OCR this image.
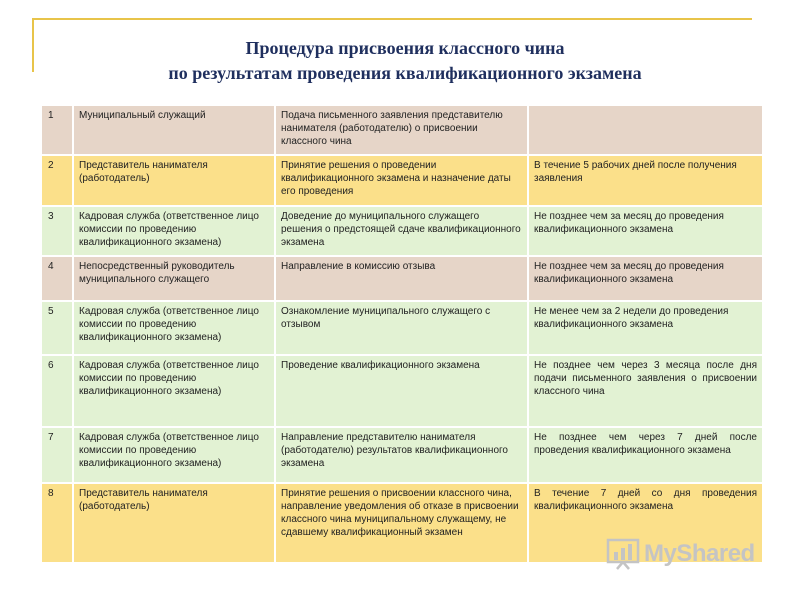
Процедура присвоения классного чина
по результатам проведения квалификационного экзамена
1	Муниципальный служащий	Подача письменного заявления представителю нанимателя (работодателю) о присвоении классного чина	
2	Представитель нанимателя (работодатель)	Принятие решения о проведении квалификационного экзамена и назначение даты его проведения	В течение 5 рабочих дней после получения заявления
3	Кадровая служба (ответственное лицо комиссии по проведению квалификационного экзамена)	Доведение до муниципального служащего решения о предстоящей сдаче квалификационного экзамена	Не позднее чем за месяц до проведения квалификационного экзамена
4	Непосредственный руководитель муниципального служащего	Направление в комиссию отзыва	Не позднее чем за месяц до проведения квалификационного экзамена
5	Кадровая служба (ответственное лицо комиссии по проведению квалификационного экзамена)	Ознакомление муниципального служащего с отзывом	Не менее чем за 2 недели до проведения квалификационного экзамена
6	Кадровая служба (ответственное лицо комиссии по проведению квалификационного экзамена)	Проведение квалификационного экзамена	Не позднее чем через 3 месяца после дня подачи письменного заявления о присвоении классного чина
7	Кадровая служба (ответственное лицо комиссии по проведению квалификационного экзамена)	Направление представителю нанимателя (работодателю) результатов квалификационного экзамена	Не позднее чем через 7 дней после проведения квалификационного экзамена
8	Представитель нанимателя (работодатель)	Принятие решения о присвоении классного чина, направление уведомления об отказе в присвоении классного чина муниципальному служащему, не сдавшему квалификационный экзамен	В течение 7 дней со дня проведения квалификационного экзамена
MyShared
